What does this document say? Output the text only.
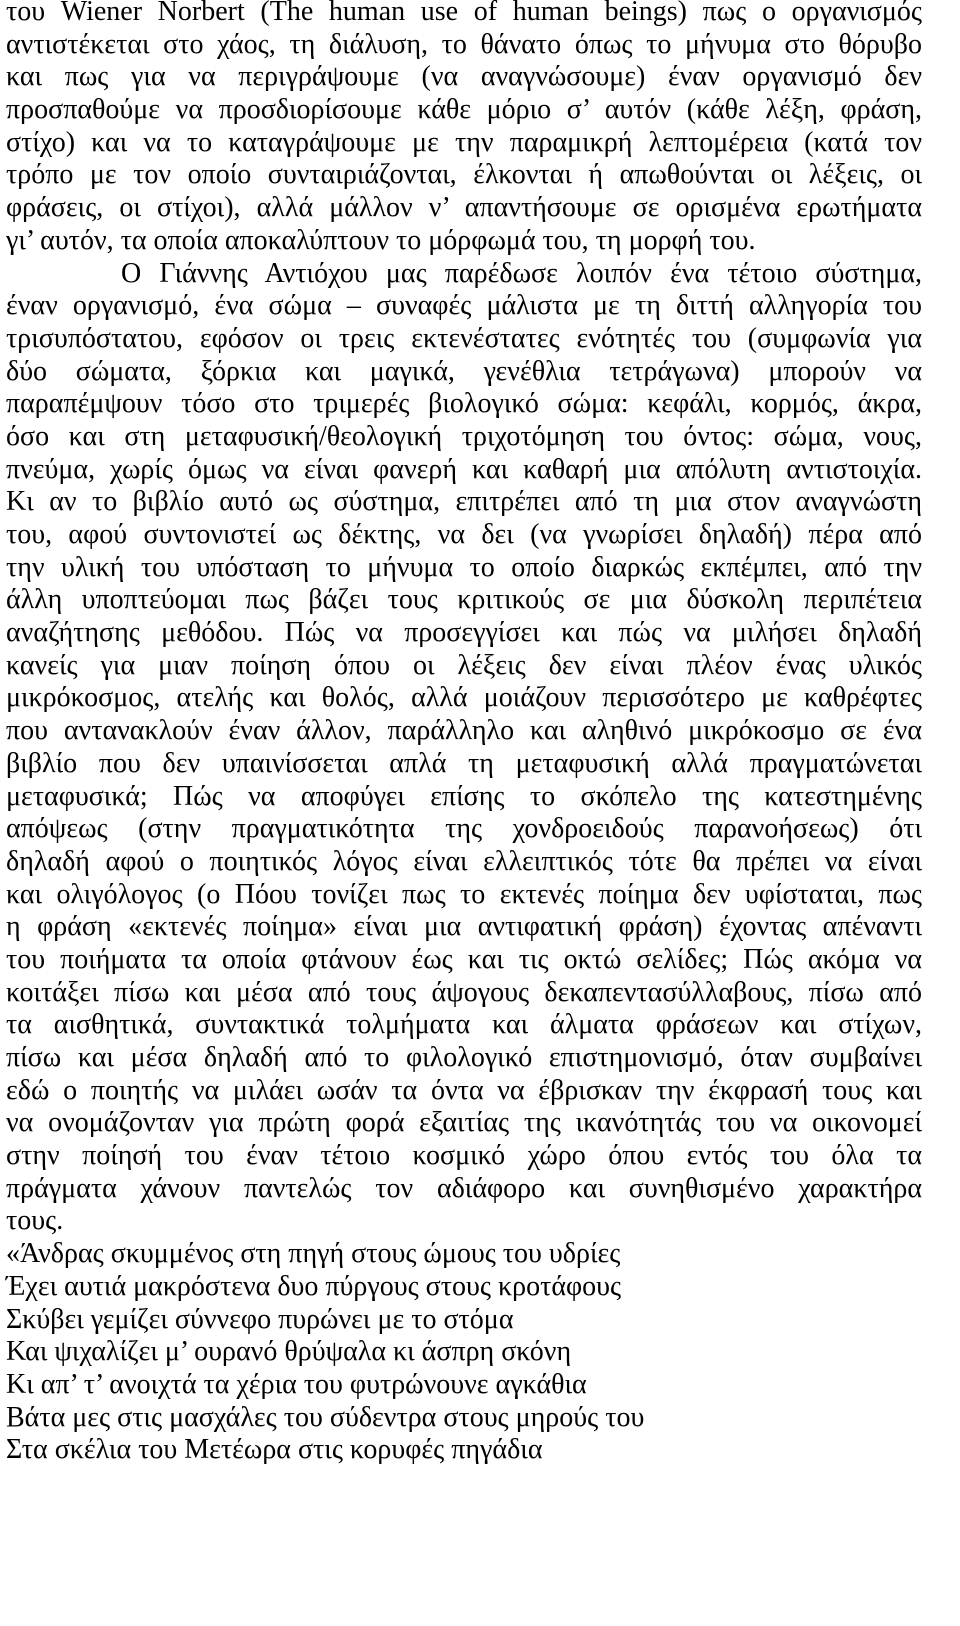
του Wiener Norbert (The human use of human beings) πως ο οργανισμός
αντιστέκεται στο χάος, τη διάλυση, το θάνατο όπως το μήνυμα στο θόρυβο
και πως για να περιγράψουμε (να αναγνώσουμε) έναν οργανισμό δεν
προσπαθούμε να προσδιορίσουμε κάθε μόριο σ’ αυτόν (κάθε λέξη, φράση,
στίχο) και να το καταγράψουμε με την παραμικρή λεπτομέρεια (κατά τον
τρόπο με τον οποίο συνταιριάζονται, έλκονται ή απωθούνται οι λέξεις, οι
φράσεις, οι στίχοι), αλλά μάλλον ν’ απαντήσουμε σε ορισμένα ερωτήματα
γι’ αυτόν, τα οποία αποκαλύπτουν το μόρφωμά του, τη μορφή του.
Ο Γιάννης Αντιόχου μας παρέδωσε λοιπόν ένα τέτοιο σύστημα,
έναν οργανισμό, ένα σώμα – συναφές μάλιστα με τη διττή αλληγορία του
τρισυπόστατου, εφόσον οι τρεις εκτενέστατες ενότητές του (συμφωνία για
δύο σώματα, ξόρκια και μαγικά, γενέθλια τετράγωνα) μπορούν να
παραπέμψουν τόσο στο τριμερές βιολογικό σώμα: κεφάλι, κορμός, άκρα,
όσο και στη μεταφυσική/θεολογική τριχοτόμηση του όντος: σώμα, νους,
πνεύμα, χωρίς όμως να είναι φανερή και καθαρή μια απόλυτη αντιστοιχία.
Κι αν το βιβλίο αυτό ως σύστημα, επιτρέπει από τη μια στον αναγνώστη
του, αφού συντονιστεί ως δέκτης, να δει (να γνωρίσει δηλαδή) πέρα από
την υλική του υπόσταση το μήνυμα το οποίο διαρκώς εκπέμπει, από την
άλλη υποπτεύομαι πως βάζει τους κριτικούς σε μια δύσκολη περιπέτεια
αναζήτησης μεθόδου. Πώς να προσεγγίσει και πώς να μιλήσει δηλαδή
κανείς για μιαν ποίηση όπου οι λέξεις δεν είναι πλέον ένας υλικός
μικρόκοσμος, ατελής και θολός, αλλά μοιάζουν περισσότερο με καθρέφτες
που αντανακλούν έναν άλλον, παράλληλο και αληθινό μικρόκοσμο σε ένα
βιβλίο που δεν υπαινίσσεται απλά τη μεταφυσική αλλά πραγματώνεται
μεταφυσικά; Πώς να αποφύγει επίσης το σκόπελο της κατεστημένης
απόψεως (στην πραγματικότητα της χονδροειδούς παρανοήσεως) ότι
δηλαδή αφού ο ποιητικός λόγος είναι ελλειπτικός τότε θα πρέπει να είναι
και ολιγόλογος (ο Πόου τονίζει πως το εκτενές ποίημα δεν υφίσταται, πως
η φράση «εκτενές ποίημα» είναι μια αντιφατική φράση) έχοντας απέναντι
του ποιήματα τα οποία φτάνουν έως και τις οκτώ σελίδες; Πώς ακόμα να
κοιτάξει πίσω και μέσα από τους άψογους δεκαπεντασύλλαβους, πίσω από
τα αισθητικά, συντακτικά τολμήματα και άλματα φράσεων και στίχων,
πίσω και μέσα δηλαδή από το φιλολογικό επιστημονισμό, όταν συμβαίνει
εδώ ο ποιητής να μιλάει ωσάν τα όντα να έβρισκαν την έκφρασή τους και
να ονομάζονταν για πρώτη φορά εξαιτίας της ικανότητάς του να οικονομεί
στην ποίησή του έναν τέτοιο κοσμικό χώρο όπου εντός του όλα τα
πράγματα χάνουν παντελώς τον αδιάφορο και συνηθισμένο χαρακτήρα
τους.
«Άνδρας σκυμμένος στη πηγή στους ώμους του υδρίες
Έχει αυτιά μακρόστενα δυο πύργους στους κροτάφους
Σκύβει γεμίζει σύννεφο πυρώνει με το στόμα
Και ψιχαλίζει μ’ ουρανό θρύψαλα κι άσπρη σκόνη
Κι απ’ τ’ ανοιχτά τα χέρια του φυτρώνουνε αγκάθια
Βάτα μες στις μασχάλες του σύδεντρα στους μηρούς του
Στα σκέλια του Μετέωρα στις κορυφές πηγάδια
